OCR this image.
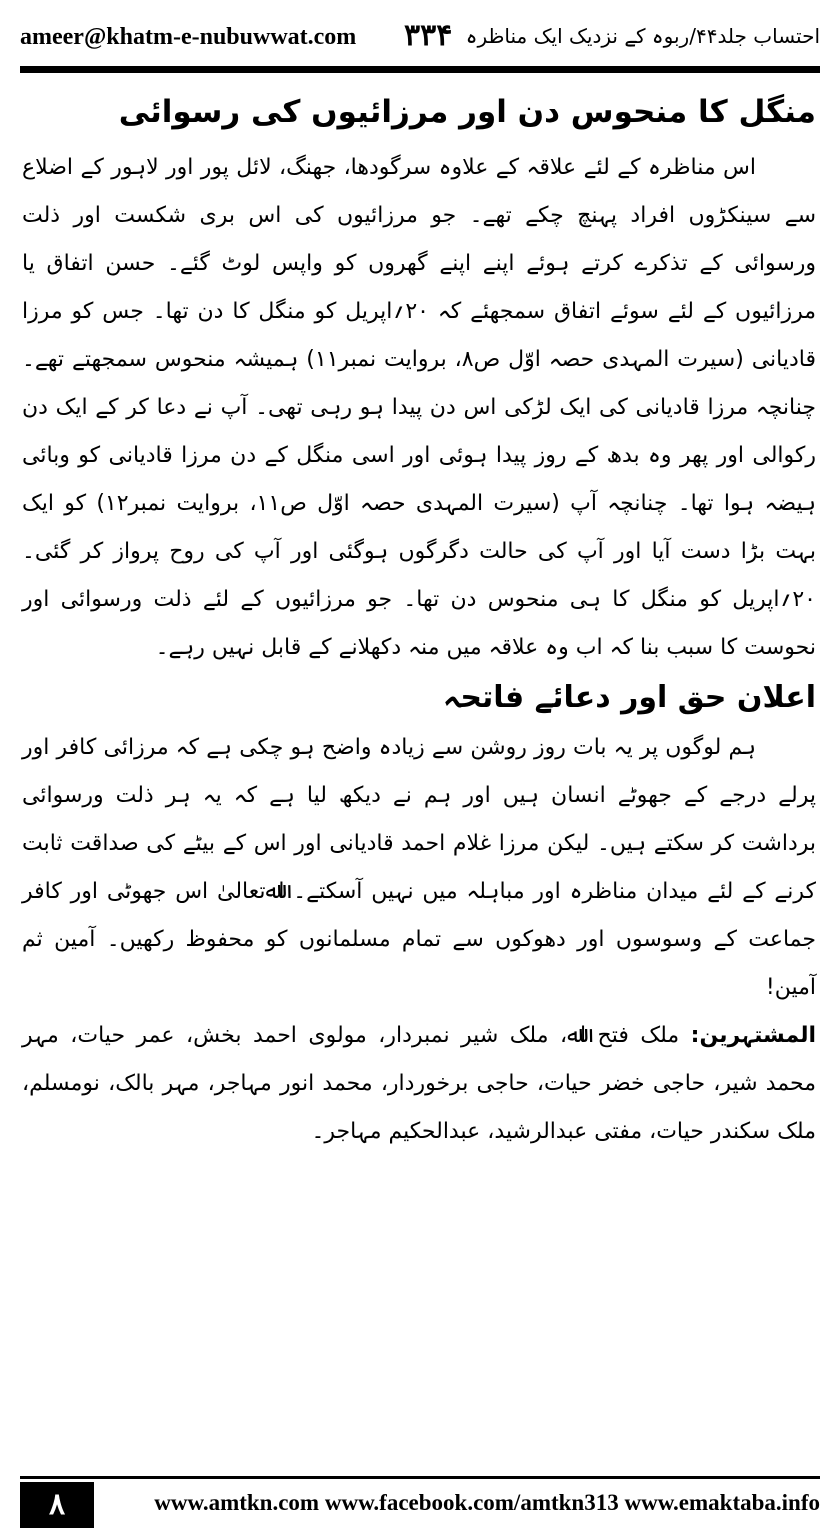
ameer@khatm-e-nubuwwat.com ۳۳۴ احتساب جلد۴۴/ربوہ کے نزدیک ایک مناظرہ
منگل کا منحوس دن اور مرزائیوں کی رسوائی

اس مناظرہ کے لئے علاقہ کے علاوہ سرگودھا، جھنگ، لائل پور اور لاہور کے اضلاع سے سینکڑوں افراد پہنچ چکے تھے۔ جو مرزائیوں کی اس بری شکست اور ذلت ورسوائی کے تذکرے کرتے ہوئے اپنے اپنے گھروں کو واپس لوٹ گئے۔ حسن اتفاق یا مرزائیوں کے لئے سوئے اتفاق سمجھئے کہ ۲۰؍اپریل کو منگل کا دن تھا۔ جس کو مرزا قادیانی (سیرت المہدی حصہ اوّل ص۸، بروایت نمبر۱۱) ہمیشہ منحوس سمجھتے تھے۔ چنانچہ مرزا قادیانی کی ایک لڑکی اس دن پیدا ہو رہی تھی۔ آپ نے دعا کر کے ایک دن رکوالی اور پھر وہ بدھ کے روز پیدا ہوئی اور اسی منگل کے دن مرزا قادیانی کو وبائی ہیضہ ہوا تھا۔ چنانچہ آپ (سیرت المہدی حصہ اوّل ص۱۱، بروایت نمبر۱۲) کو ایک بہت بڑا دست آیا اور آپ کی حالت دگرگوں ہوگئی اور آپ کی روح پرواز کر گئی۔ ۲۰؍اپریل کو منگل کا ہی منحوس دن تھا۔ جو مرزائیوں کے لئے ذلت ورسوائی اور نحوست کا سبب بنا کہ اب وہ علاقہ میں منہ دکھلانے کے قابل نہیں رہے۔

اعلان حق اور دعائے فاتحہ

ہم لوگوں پر یہ بات روز روشن سے زیادہ واضح ہو چکی ہے کہ مرزائی کافر اور پرلے درجے کے جھوٹے انسان ہیں اور ہم نے دیکھ لیا ہے کہ یہ ہر ذلت ورسوائی برداشت کر سکتے ہیں۔ لیکن مرزا غلام احمد قادیانی اور اس کے بیٹے کی صداقت ثابت کرنے کے لئے میدان مناظرہ اور مباہلہ میں نہیں آسکتے۔ اﷲتعالیٰ اس جھوٹی اور کافر جماعت کے وسوسوں اور دھوکوں سے تمام مسلمانوں کو محفوظ رکھیں۔ آمین ثم آمین!

المشتہرین: ملک فتح اﷲ، ملک شیر نمبردار، مولوی احمد بخش، عمر حیات، مہر محمد شیر، حاجی خضر حیات، حاجی برخوردار، محمد انور مہاجر، مہر بالک، نومسلم، ملک سکندر حیات، مفتی عبدالرشید، عبدالحکیم مہاجر۔

۸	www.amtkn.com www.facebook.com/amtkn313 www.emaktaba.info
